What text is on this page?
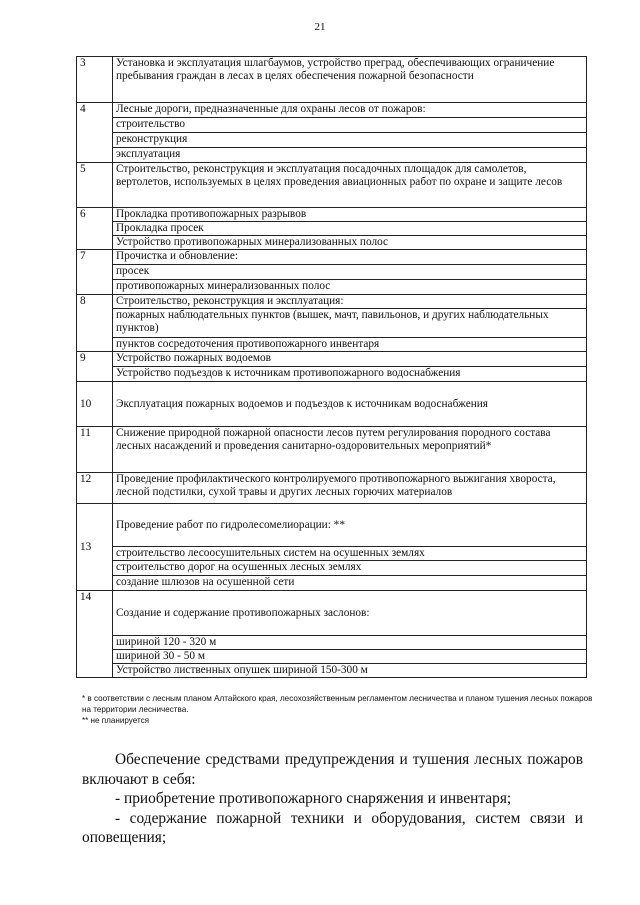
21
3	Установка и эксплуатация шлагбаумов, устройство преград, обеспечивающих ограничение пребывания граждан в лесах в целях обеспечения пожарной безопасности
4	Лесные дороги, предназначенные для охраны лесов от пожаров:
	строительство
	реконструкция
	эксплуатация
5	Строительство, реконструкция и эксплуатация посадочных площадок для самолетов, вертолетов, используемых в целях проведения авиационных работ по охране и защите лесов
6	Прокладка противопожарных разрывов
	Прокладка просек
	Устройство противопожарных минерализованных полос
7	Прочистка и обновление:
	просек
	противопожарных минерализованных полос
8	Строительство, реконструкция и эксплуатация:
	пожарных наблюдательных пунктов (вышек, мачт, павильонов, и других наблюдательных пунктов)
	пунктов сосредоточения противопожарного инвентаря
9	Устройство пожарных водоемов
	Устройство подъездов к источникам противопожарного водоснабжения
10	Эксплуатация пожарных водоемов и подъездов к источникам водоснабжения
11	Снижение природной пожарной опасности лесов путем регулирования породного состава лесных насаждений и проведения санитарно-оздоровительных мероприятий*
12	Проведение профилактического контролируемого противопожарного выжигания хвороста, лесной подстилки, сухой травы и других лесных горючих материалов
13	Проведение работ по гидролесомелиорации: **
	строительство лесоосушительных систем на осушенных землях
	строительство дорог на осушенных лесных землях
	создание шлюзов на осушенной сети
14	Создание и содержание противопожарных заслонов:
	шириной 120 - 320 м
	шириной 30 - 50 м
	Устройство лиственных опушек шириной 150-300 м

* в соответствии с лесным планом Алтайского края, лесохозяйственным регламентом лесничества и планом тушения лесных пожаров на территории лесничества.

** не планируется

Обеспечение средствами предупреждения и тушения лесных пожаров включают в себя:

- приобретение противопожарного снаряжения и инвентаря;

- содержание пожарной техники и оборудования, систем связи и оповещения;
